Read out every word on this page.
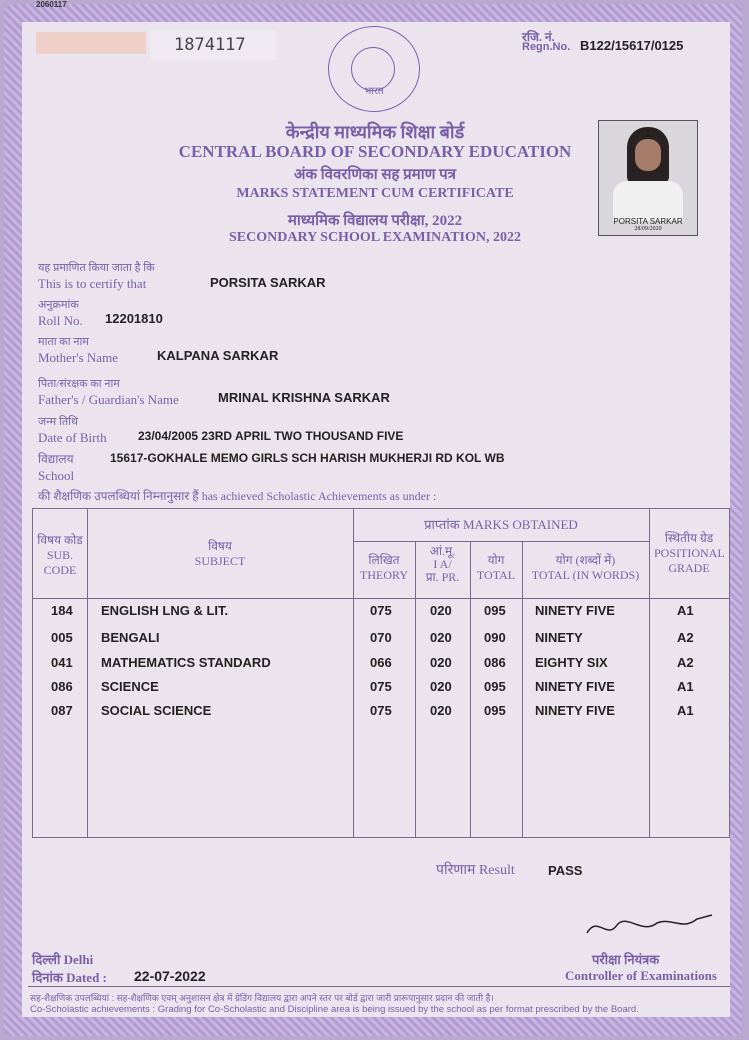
2060117
1874117
भारत
रजि. नं.
Regn.No. B122/15617/0125
केन्द्रीय माध्यमिक शिक्षा बोर्ड
CENTRAL BOARD OF SECONDARY EDUCATION
अंक विवरणिका सह प्रमाण पत्र
MARKS STATEMENT CUM CERTIFICATE
माध्यमिक विद्यालय परीक्षा, 2022
SECONDARY SCHOOL EXAMINATION, 2022
PORSITA SARKAR
28/09/2020
यह प्रमाणित किया जाता है कि
This is to certify that	PORSITA SARKAR
अनुक्रमांक
Roll No. 12201810
माता का नाम
Mother's Name	KALPANA SARKAR
पिता/संरक्षक का नाम
Father's / Guardian's Name	MRINAL KRISHNA SARKAR
जन्म तिथि
Date of Birth	23/04/2005 23RD APRIL TWO THOUSAND FIVE
विद्यालय
School
15617-GOKHALE MEMO GIRLS SCH HARISH MUKHERJI RD KOL WB
की शैक्षणिक उपलब्धियां निम्नानुसार हैं has achieved Scholastic Achievements as under :
विषय कोड
SUB. CODE
विषय
SUBJECT
प्राप्तांक MARKS OBTAINED
लिखित
THEORY
आं.मू.
I A/
प्रा. PR.
योग
TOTAL
योग (शब्दों में)
TOTAL (IN WORDS)
स्थितीय ग्रेड
POSITIONAL GRADE
184 ENGLISH LNG & LIT.	075	020 095 NINETY FIVE	A1
005 BENGALI	070	020 090 NINETY	A2
041 MATHEMATICS STANDARD	066	020 086 EIGHTY SIX	A2
086 SCIENCE	075	020 095 NINETY FIVE	A1
087 SOCIAL SCIENCE	075	020 095 NINETY FIVE	A1
परिणाम Result	PASS
दिल्ली Delhi
दिनांक Dated : 22-07-2022
परीक्षा नियंत्रक
Controller of Examinations
सह-शैक्षणिक उपलब्धियां : सह-शैक्षणिक एवम् अनुशासन क्षेत्र में ग्रेडिंग विद्यालय द्वारा अपने स्तर पर बोर्ड द्वारा जारी प्रारूपानुसार प्रदान की जाती है।
Co-Scholastic achievements : Grading for Co-Scholastic and Discipline area is being issued by the school as per format prescribed by the Board.
